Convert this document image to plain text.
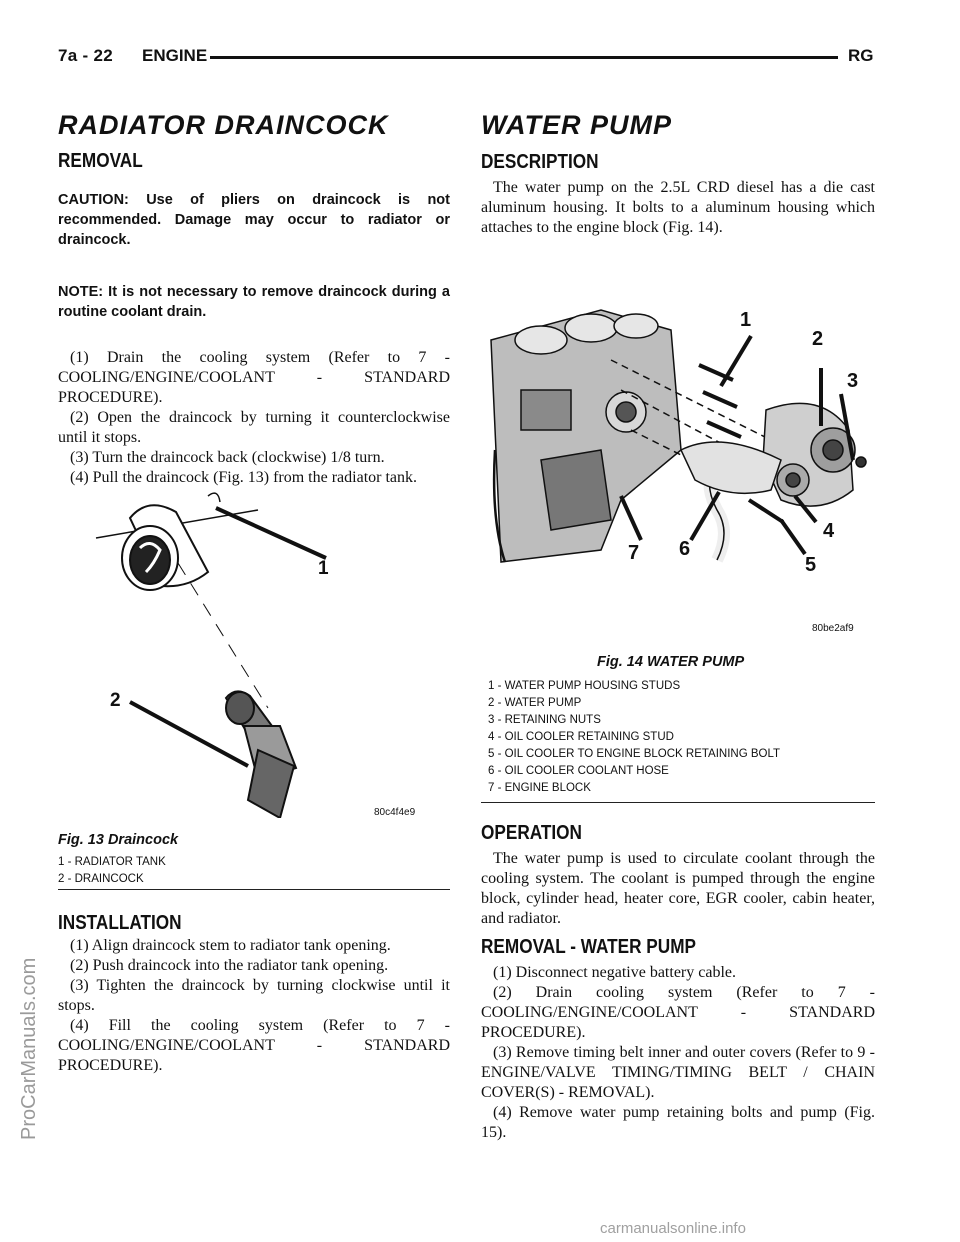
7a - 22 ENGINE	RG
RADIATOR DRAINCOCK
REMOVAL
CAUTION: Use of pliers on draincock is not recommended. Damage may occur to radiator or draincock.
NOTE: It is not necessary to remove draincock during a routine coolant drain.

(1) Drain the cooling system (Refer to 7 - COOLING/ENGINE/COOLANT - STANDARD PROCEDURE).

(2) Open the draincock by turning it counterclockwise until it stops.

(3) Turn the draincock back (clockwise) 1/8 turn.

(4) Pull the draincock (Fig. 13) from the radiator tank.

1
2
80c4f4e9
Fig. 13 Draincock
1 - RADIATOR TANK
2 - DRAINCOCK
INSTALLATION

(1) Align draincock stem to radiator tank opening.

(2) Push draincock into the radiator tank opening.

(3) Tighten the draincock by turning clockwise until it stops.

(4) Fill the cooling system (Refer to 7 - COOLING/ENGINE/COOLANT - STANDARD PROCEDURE).

WATER PUMP
DESCRIPTION
The water pump on the 2.5L CRD diesel has a die cast aluminum housing. It bolts to a aluminum housing which attaches to the engine block (Fig. 14).
1
2
3
4
5
6
7
80be2af9
Fig. 14 WATER PUMP
1 - WATER PUMP HOUSING STUDS
2 - WATER PUMP
3 - RETAINING NUTS
4 - OIL COOLER RETAINING STUD
5 - OIL COOLER TO ENGINE BLOCK RETAINING BOLT
6 - OIL COOLER COOLANT HOSE
7 - ENGINE BLOCK
OPERATION
The water pump is used to circulate coolant through the cooling system. The coolant is pumped through the engine block, cylinder head, heater core, EGR cooler, cabin heater, and radiator.
REMOVAL - WATER PUMP

(1) Disconnect negative battery cable.

(2) Drain cooling system (Refer to 7 - COOLING/ENGINE/COOLANT - STANDARD PROCEDURE).

(3) Remove timing belt inner and outer covers (Refer to 9 - ENGINE/VALVE TIMING/TIMING BELT / CHAIN COVER(S) - REMOVAL).

(4) Remove water pump retaining bolts and pump (Fig. 15).

ProCarManuals.com
carmanualsonline.info
